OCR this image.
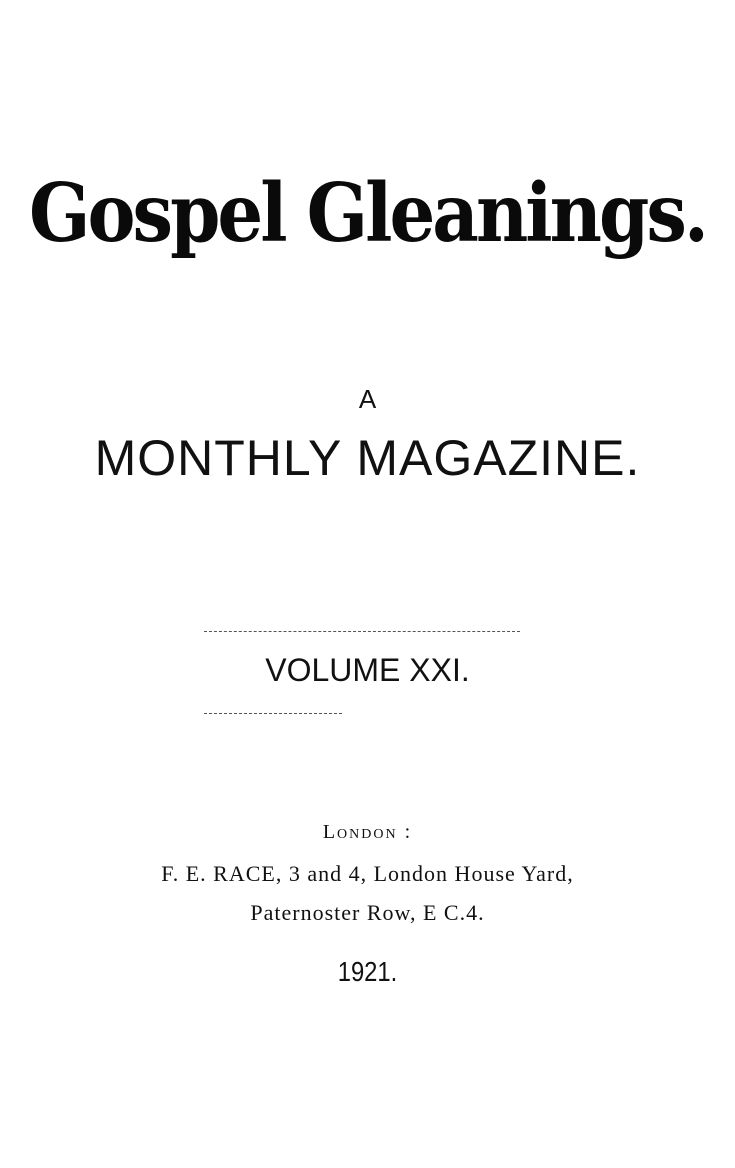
Gospel Gleanings.
A
MONTHLY MAGAZINE.
VOLUME XXI.
London :
F. E. RACE, 3 and 4, London House Yard,
Paternoster Row, E C.4.
1921.
